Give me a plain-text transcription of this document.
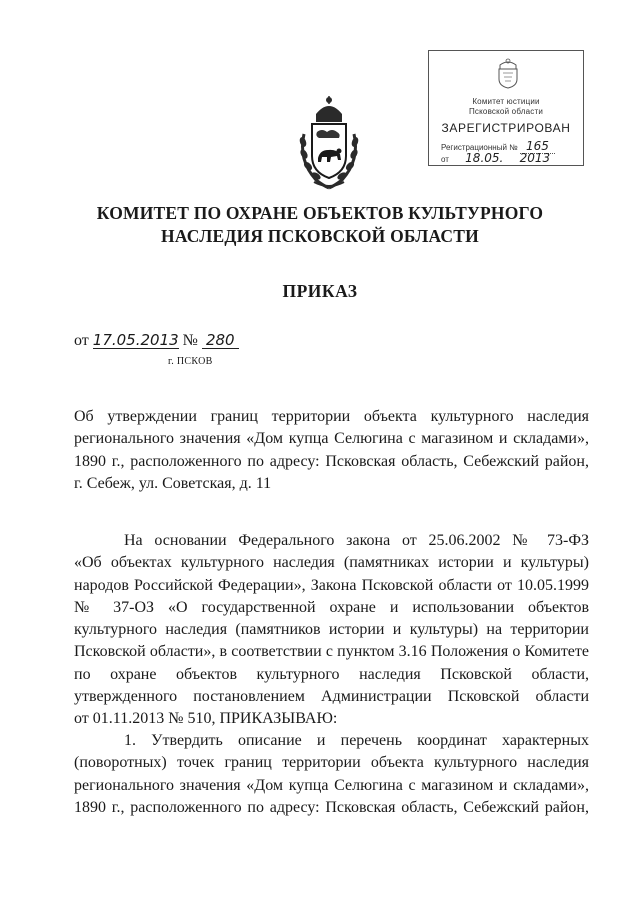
Комитет юстиции
Псковской области
ЗАРЕГИСТРИРОВАН
Регистрационный № 165
от 18.05. 2013
КОМИТЕТ ПО ОХРАНЕ ОБЪЕКТОВ КУЛЬТУРНОГО
НАСЛЕДИЯ ПСКОВСКОЙ ОБЛАСТИ
ПРИКАЗ
от 17.05.2013 № 280
г. ПСКОВ
Об утверждении границ территории объекта культурного наследия
регионального значения «Дом купца Селюгина с магазином и складами»,
1890 г., расположенного по адресу: Псковская область, Себежский район,
г. Себеж, ул. Советская, д. 11
На основании Федерального закона от 25.06.2002 № 73-ФЗ
«Об объектах культурного наследия (памятниках истории и культуры)
народов Российской Федерации», Закона Псковской области от 10.05.1999
№ 37-ОЗ «О государственной охране и использовании объектов
культурного наследия (памятников истории и культуры) на территории
Псковской области», в соответствии с пунктом 3.16 Положения о Комитете
по охране объектов культурного наследия Псковской области,
утвержденного постановлением Администрации Псковской области
от 01.11.2013 № 510, ПРИКАЗЫВАЮ:
1. Утвердить описание и перечень координат характерных
(поворотных) точек границ территории объекта культурного наследия
регионального значения «Дом купца Селюгина с магазином и складами»,
1890 г., расположенного по адресу: Псковская область, Себежский район,
